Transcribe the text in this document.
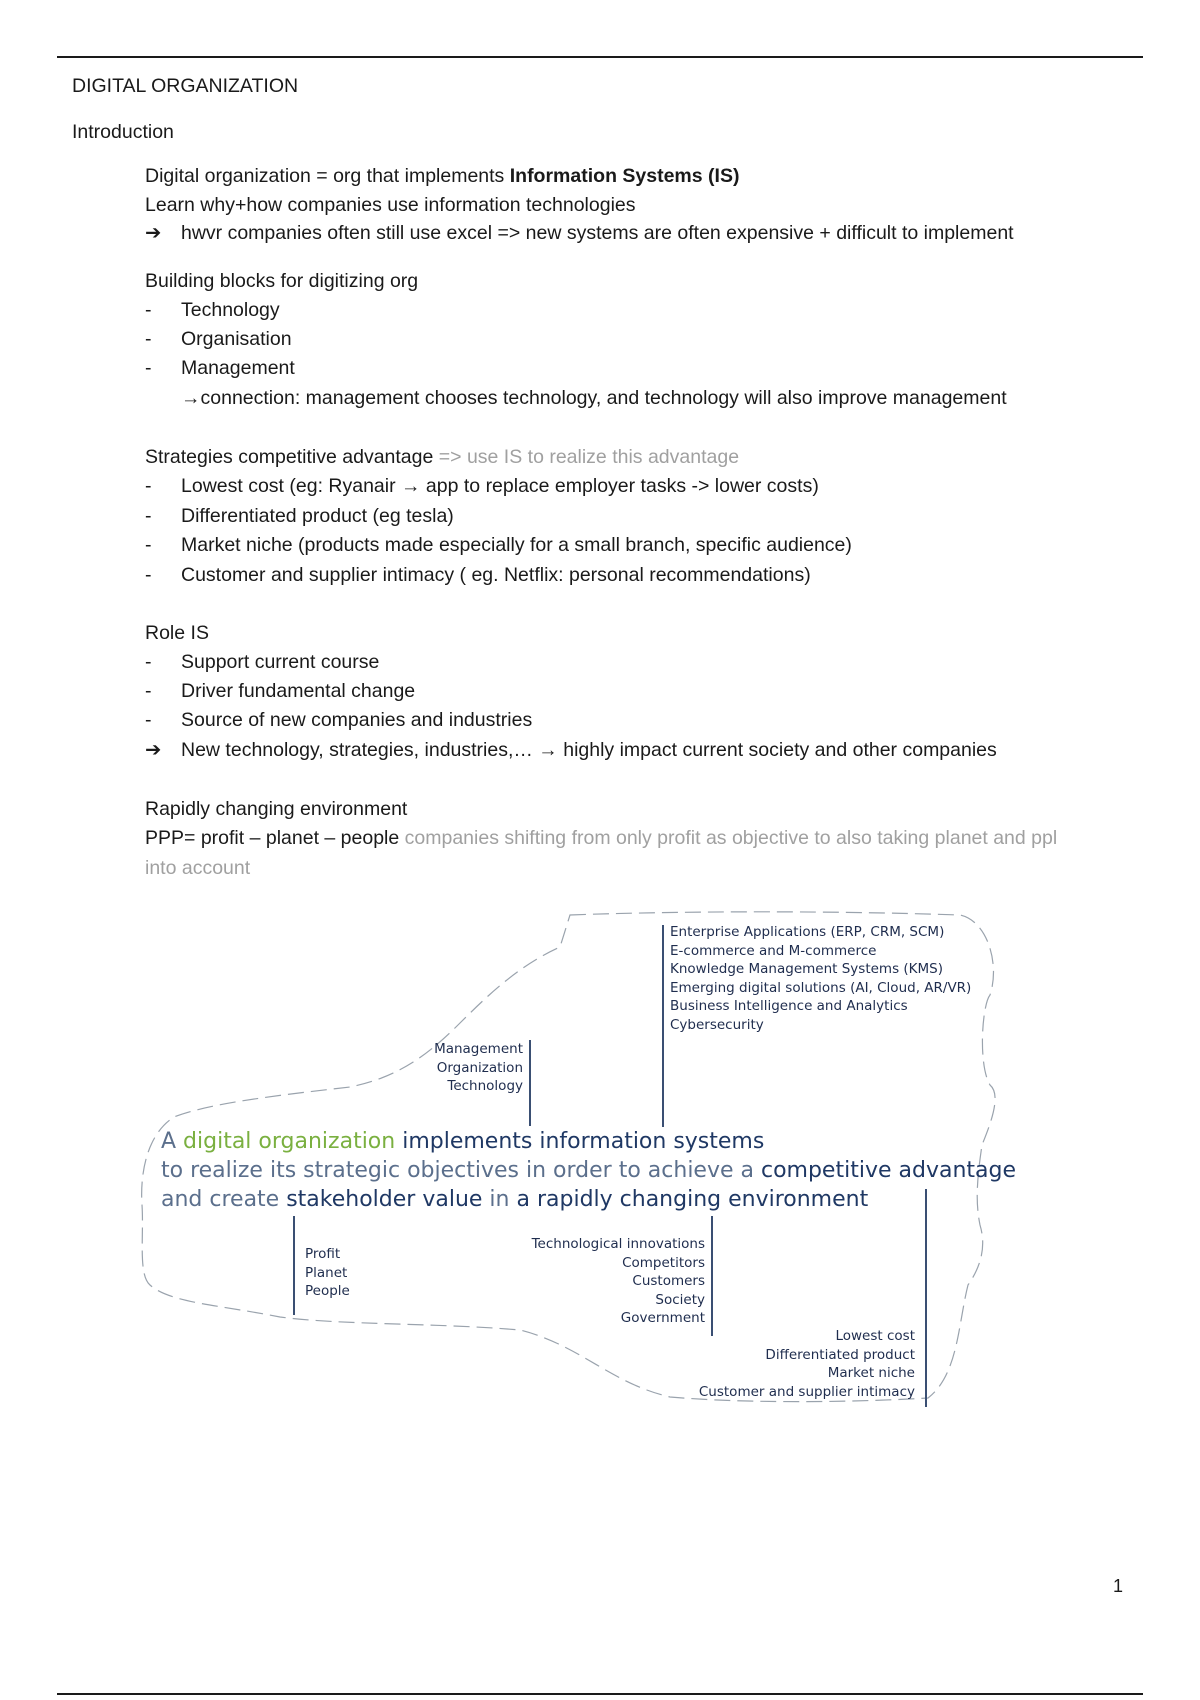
DIGITAL ORGANIZATION
Introduction
Digital organization = org that implements Information Systems (IS)
Learn why+how companies use information technologies
➔ hwvr companies often still use excel => new systems are often expensive + difficult to implement
Building blocks for digitizing org
- Technology
- Organisation
- Management
→connection: management chooses technology, and technology will also improve management
Strategies competitive advantage => use IS to realize this advantage
- Lowest cost (eg: Ryanair → app to replace employer tasks -> lower costs)
- Differentiated product (eg tesla)
- Market niche (products made especially for a small branch, specific audience)
- Customer and supplier intimacy ( eg. Netflix: personal recommendations)
Role IS
- Support current course
- Driver fundamental change
- Source of new companies and industries
➔ New technology, strategies, industries,… → highly impact current society and other companies
Rapidly changing environment
PPP= profit – planet – people companies shifting from only profit as objective to also taking planet and ppl
into account
Enterprise Applications (ERP, CRM, SCM)
E-commerce and M-commerce
Knowledge Management Systems (KMS)
Emerging digital solutions (AI, Cloud, AR/VR)
Business Intelligence and Analytics
Cybersecurity
Management
Organization
Technology
A digital organization implements information systems
to realize its strategic objectives in order to achieve a competitive advantage
and create stakeholder value in a rapidly changing environment
Profit
Planet
People
Technological innovations
Competitors
Customers
Society
Government
Lowest cost
Differentiated product
Market niche
Customer and supplier intimacy
1
